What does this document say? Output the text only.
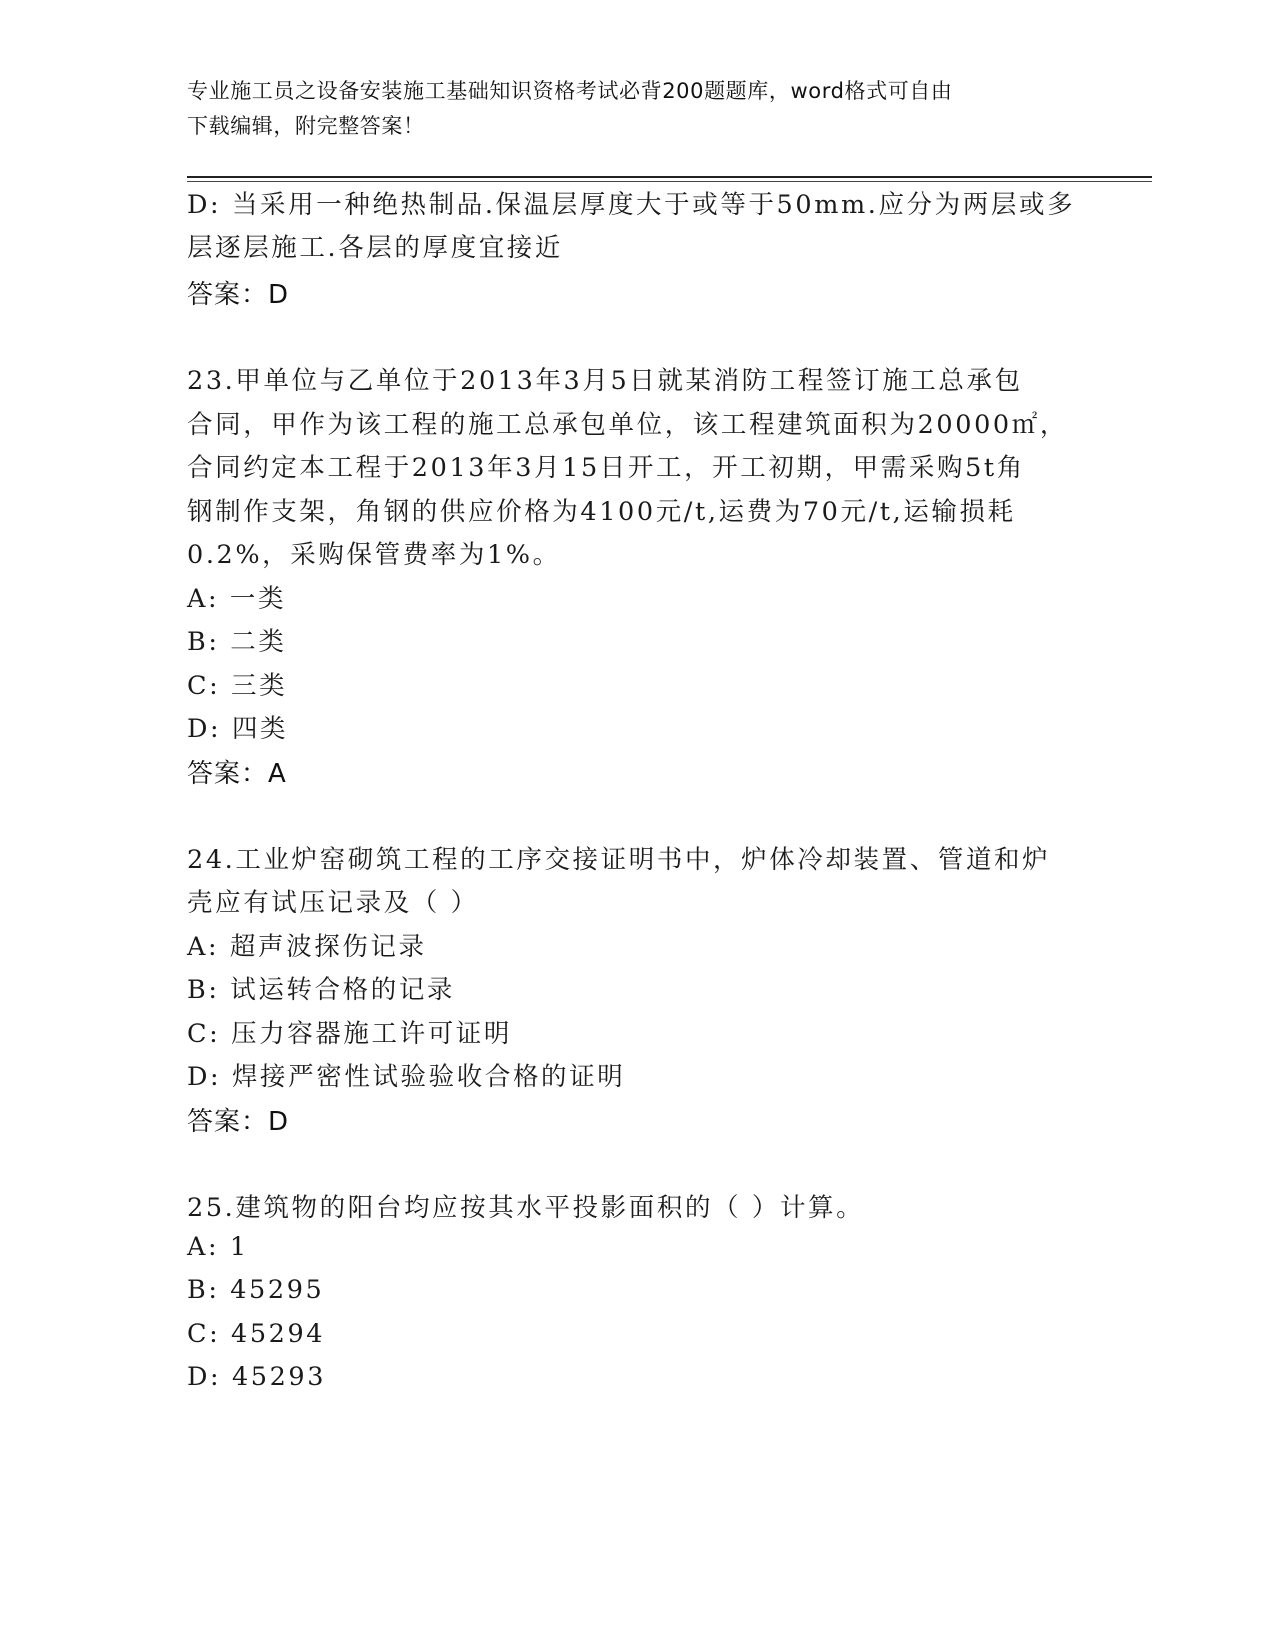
专业施工员之设备安装施工基础知识资格考试必背200题题库，word格式可自由
下载编辑，附完整答案！
D: 当采用一种绝热制品.保温层厚度大于或等于50mm.应分为两层或多
层逐层施工.各层的厚度宜接近
答案：D
23.甲单位与乙单位于2013年3月5日就某消防工程签订施工总承包
合同，甲作为该工程的施工总承包单位，该工程建筑面积为20000㎡，
合同约定本工程于2013年3月15日开工，开工初期，甲需采购5t角
钢制作支架，角钢的供应价格为4100元/t,运费为70元/t,运输损耗
0.2%，采购保管费率为1%。
A: 一类
B: 二类
C: 三类
D: 四类
答案：A
24.工业炉窑砌筑工程的工序交接证明书中，炉体冷却装置、管道和炉
壳应有试压记录及（ ）
A: 超声波探伤记录
B: 试运转合格的记录
C: 压力容器施工许可证明
D: 焊接严密性试验验收合格的证明
答案：D
25.建筑物的阳台均应按其水平投影面积的（ ）计算。
A: 1
B: 45295
C: 45294
D: 45293
